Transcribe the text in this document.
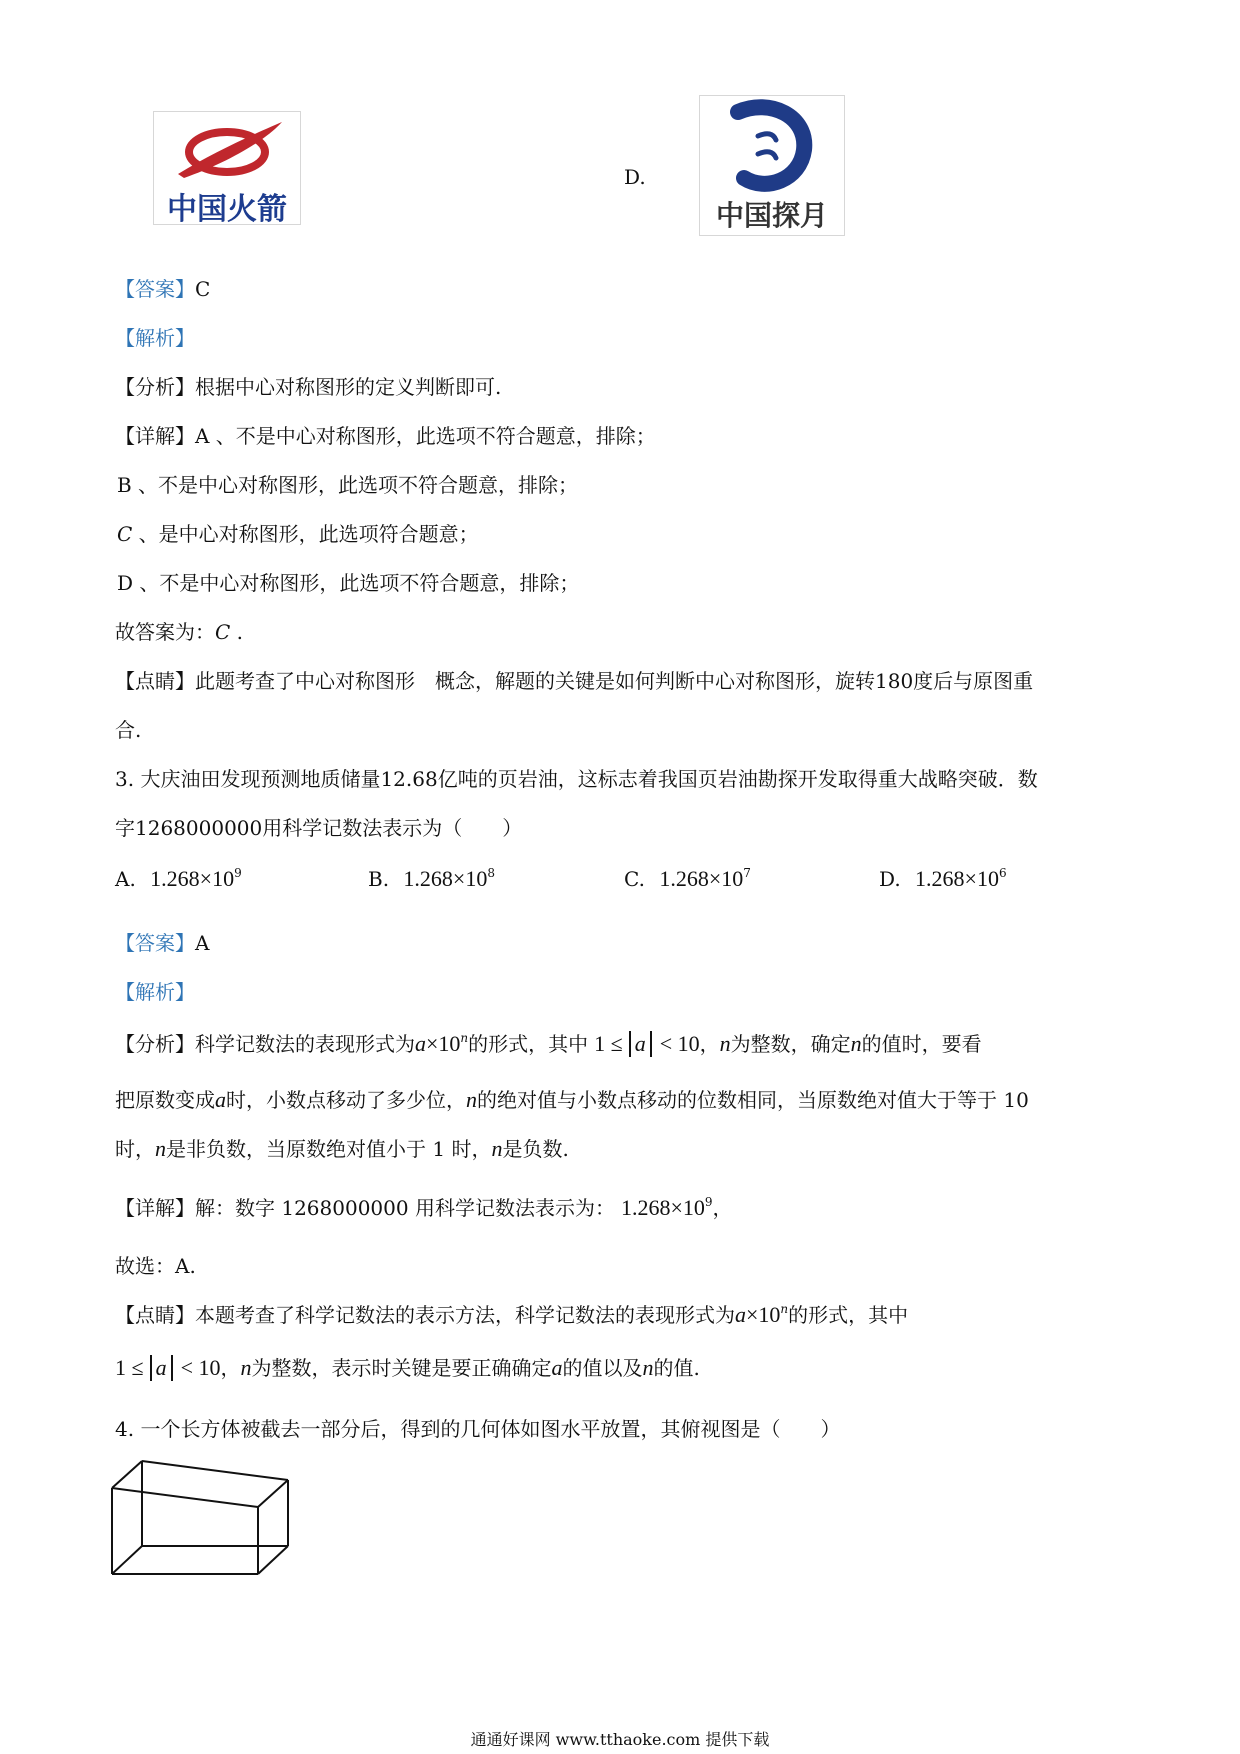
中国火箭
D.
中国探月
【答案】C
【解析】
【分析】根据中心对称图形的定义判断即可.
【详解】A 、不是中心对称图形，此选项不符合题意，排除；
B 、不是中心对称图形，此选项不符合题意，排除；
C 、是中心对称图形，此选项符合题意；
D 、不是中心对称图形，此选项不符合题意，排除；
故答案为：C .
【点睛】此题考查了中心对称图形　概念，解题的关键是如何判断中心对称图形，旋转180度后与原图重
合.
3. 大庆油田发现预测地质储量12.68亿吨的页岩油，这标志着我国页岩油勘探开发取得重大战略突破．数
字1268000000用科学记数法表示为（　　）
A. $1.268\times 10^9$	B. $1.268\times 10^8$	C. $1.268\times 10^7$	D. $1.268\times 10^6$
【答案】A
【解析】
【分析】科学记数法的表现形式为$a\times 10^n$的形式，其中 1 ≤ a < 10，n为整数，确定n的值时，要看
把原数变成a时，小数点移动了多少位，n的绝对值与小数点移动的位数相同，当原数绝对值大于等于 10
时，n是非负数，当原数绝对值小于 1 时，n是负数.
【详解】解：数字 1268000000 用科学记数法表示为： $1.268\times 10^9$，
故选：A.
【点睛】本题考查了科学记数法的表示方法，科学记数法的表现形式为$a\times 10^n$的形式，其中
1 ≤ a < 10，n为整数，表示时关键是要正确确定a的值以及n的值.
4. 一个长方体被截去一部分后，得到的几何体如图水平放置，其俯视图是（　　）
通通好课网 www.tthaoke.com 提供下载
